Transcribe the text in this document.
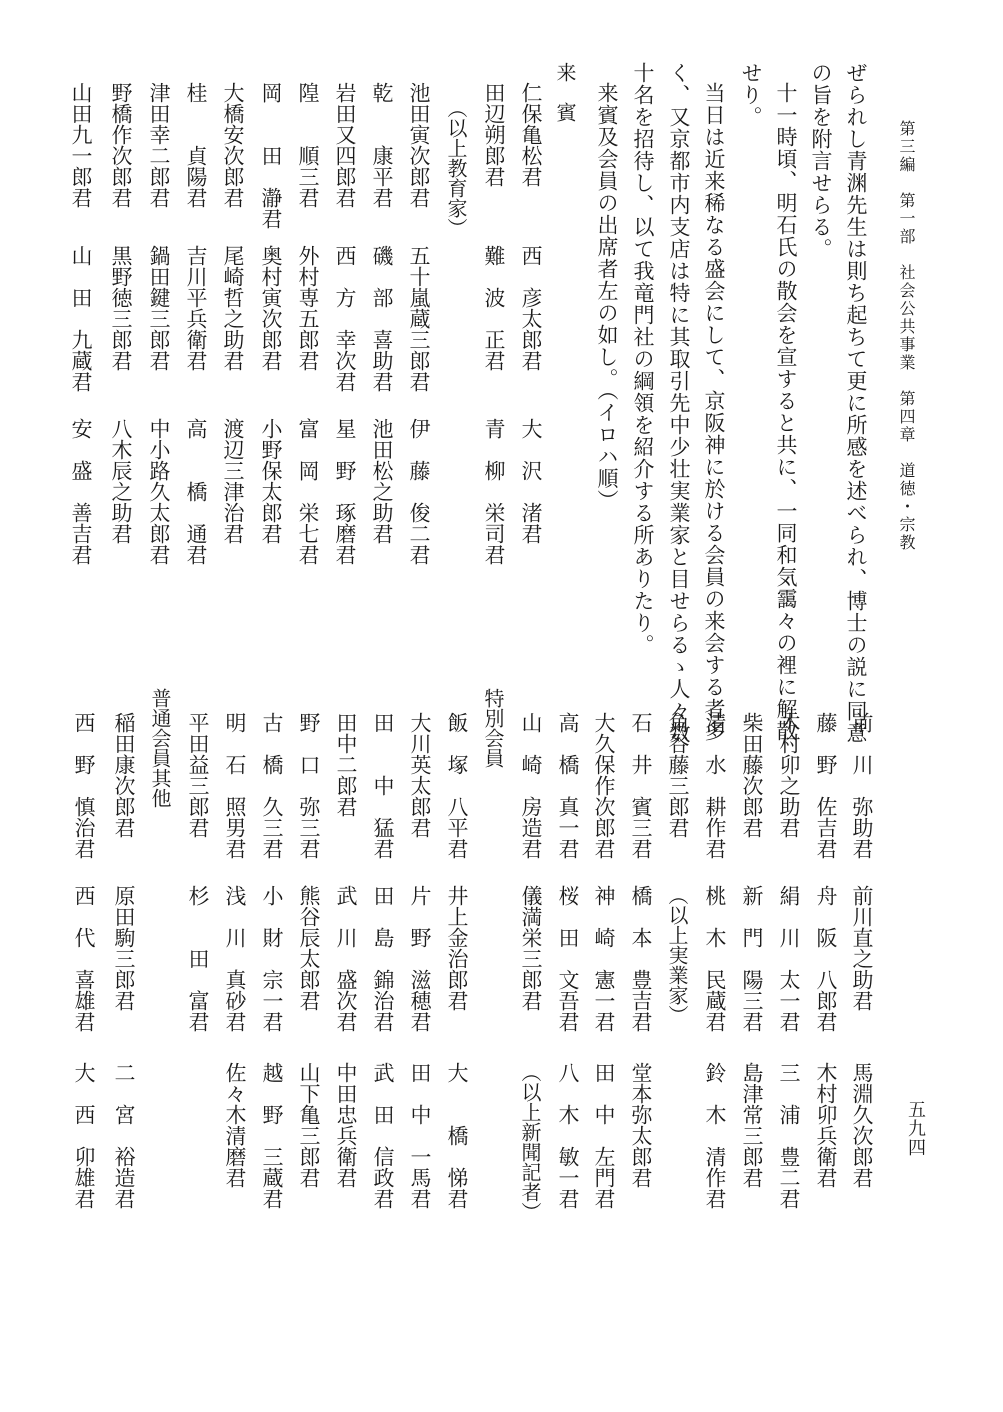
第三編　第一部　社会公共事業　第四章　道徳・宗教
五九四
ぜられし青渊先生は則ち起ちて更に所感を述べられ、博士の説に同意
の旨を附言せらる。
十一時頃、明石氏の散会を宣すると共に、一同和気靄々の裡に解散
せり。
当日は近来稀なる盛会にして、京阪神に於ける会員の来会する者多
く、又京都市内支店は特に其取引先中少壮実業家と目せらるゝ人々数
十名を招待し、以て我竜門社の綱領を紹介する所ありたり。
来賓及会員の出席者左の如し。（イロハ順）
来　賓
仁保亀松君
西　彦太郎君
大　沢　渚君
田辺朔郎君
難　波　正君
青　柳　栄司君
（以上教育家）
池田寅次郎君
五十嵐蔵三郎君
伊　藤　俊二君
乾　　康平君
磯　部　喜助君
池田松之助君
岩田又四郎君
西　方　幸次君
星　野　琢磨君
隍　　順三君
外村専五郎君
富　岡　栄七君
岡　　田　瀞君
奥村寅次郎君
小野保太郎君
大橋安次郎君
尾崎哲之助君
渡辺三津治君
桂　　貞陽君
吉川平兵衛君
高　　橋　通君
津田幸二郎君
鍋田鍵三郎君
中小路久太郎君
野橋作次郎君
黒野徳三郎君
八木辰之助君
山田九一郎君
山　田　九蔵君
安　盛　善吉君
前　川　弥助君
前川直之助君
馬淵久次郎君
藤　野　佐吉君
舟　阪　八郎君
木村卯兵衛君
木村卯之助君
絹　川　太一君
三　浦　豊二君
柴田藤次郎君
新　門　陽三君
島津常三郎君
清　水　耕作君
桃　木　民蔵君
鈴　木　清作君
角谷藤三郎君
（以上実業家）
石　井　賓三君
橋　本　豊吉君
堂本弥太郎君
大久保作次郎君
神　崎　憲一君
田　中　左門君
高　橋　真一君
桜　田　文吾君
八　木　敏一君
山　崎　房造君
儀満栄三郎君
（以上新聞記者）
特別会員
飯　塚　八平君
井上金治郎君
大　　橋　悌君
大川英太郎君
片　野　滋穂君
田　中　一馬君
田　　中　猛君
田　島　錦治君
武　田　信政君
田中二郎君
武　川　盛次君
中田忠兵衛君
野　口　弥三君
熊谷辰太郎君
山下亀三郎君
古　橋　久三君
小　財　宗一君
越　野　三蔵君
明　石　照男君
浅　川　真砂君
佐々木清磨君
平田益三郎君
杉　　田　富君
普通会員其他
稲田康次郎君
原田駒三郎君
二　宮　裕造君
西　野　慎治君
西　代　喜雄君
大　西　卯雄君
